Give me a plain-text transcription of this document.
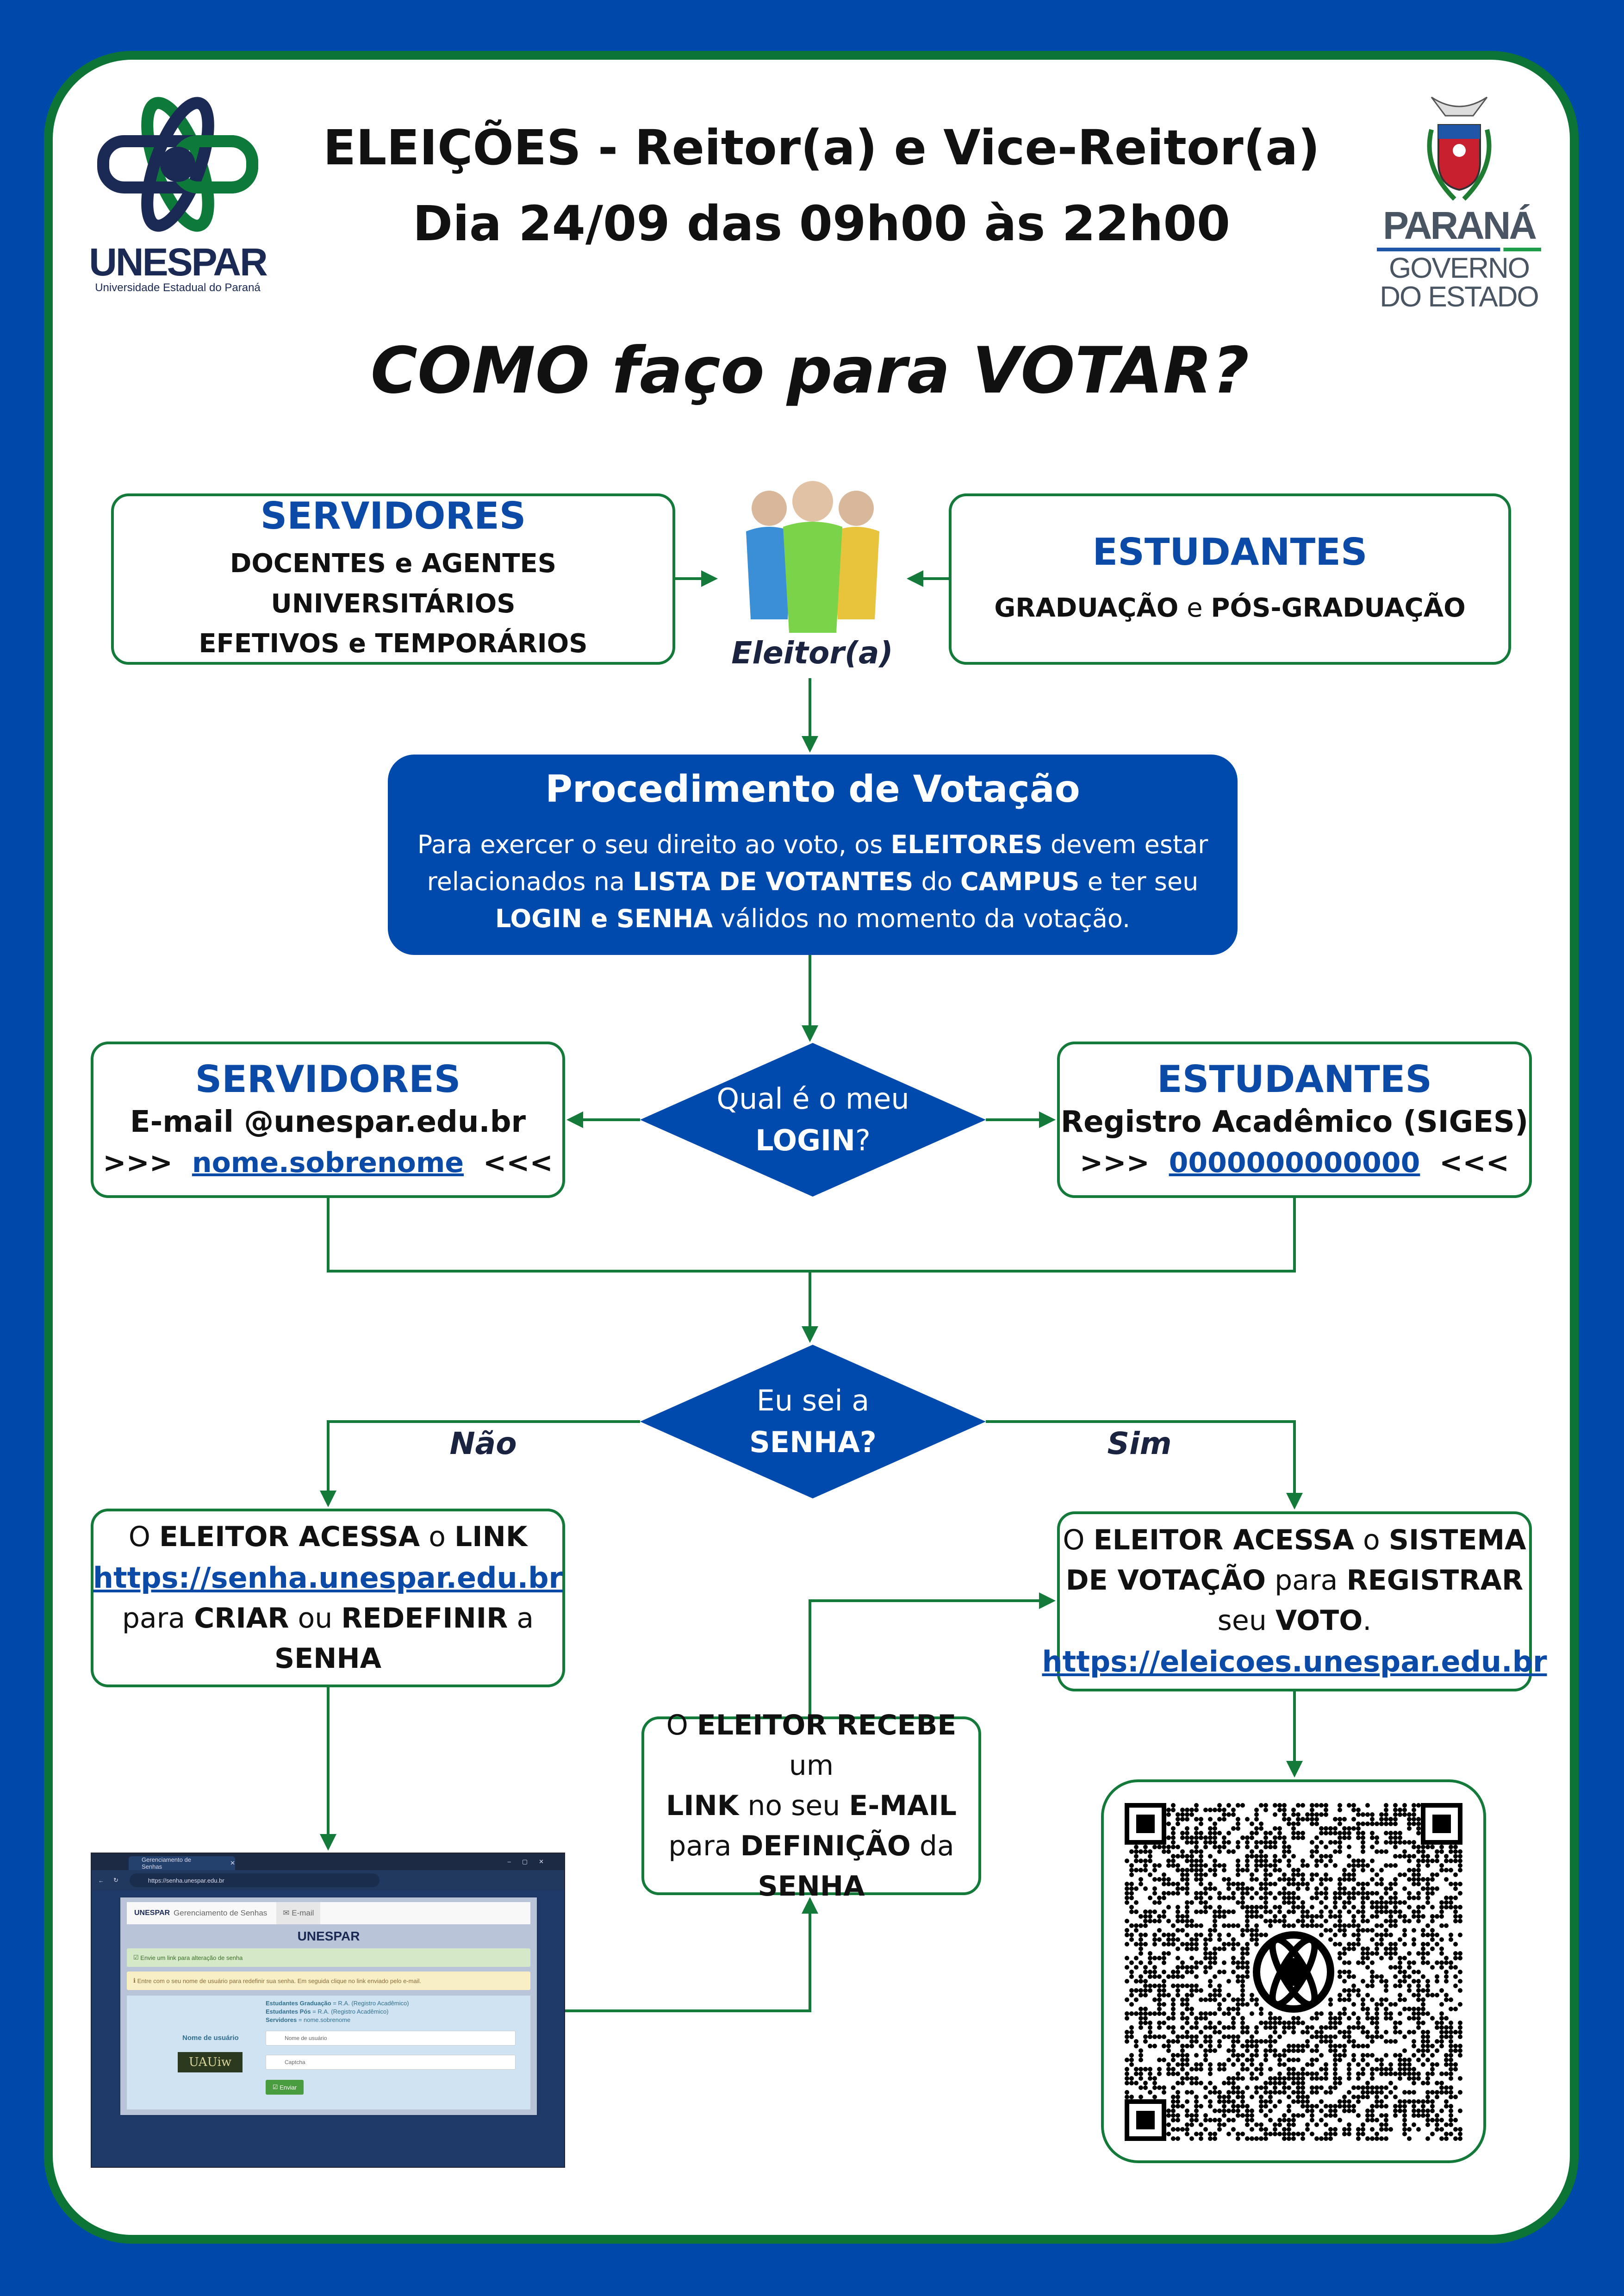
UNESPAR
Universidade Estadual do Paraná
ELEIÇÕES - Reitor(a) e Vice-Reitor(a)
Dia 24/09 das 09h00 às 22h00	PARANÁ
GOVERNO
DO ESTADO
COMO faço para VOTAR?
SERVIDORES
DOCENTES e AGENTES UNIVERSITÁRIOS
EFETIVOS e TEMPORÁRIOS
ESTUDANTES
GRADUAÇÃO e PÓS-GRADUAÇÃO
Eleitor(a)
Procedimento de Votação
Para exercer o seu direito ao voto, os ELEITORES devem estar
relacionados na LISTA DE VOTANTES do CAMPUS e ter seu
LOGIN e SENHA válidos no momento da votação.
Qual é o meu
LOGIN?
SERVIDORES
E-mail @unespar.edu.br
>>> nome.sobrenome <<<
ESTUDANTES
Registro Acadêmico (SIGES)
>>> 0000000000000 <<<
Eu sei a
SENHA?
Não	Sim
O ELEITOR ACESSA o LINK
https://senha.unespar.edu.br
para CRIAR ou REDEFINIR a
SENHA
O ELEITOR ACESSA o SISTEMA
DE VOTAÇÃO para REGISTRAR
seu VOTO.
https://eleicoes.unespar.edu.br
O ELEITOR RECEBE um
LINK no seu E-MAIL
para DEFINIÇÃO da
SENHA
Gerenciamento de Senhas
✕	–▢✕
← ↻	https://senha.unespar.edu.br
UNESPAR Gerenciamento de Senhas	✉ E-mail
UNESPAR
☑ Envie um link para alteração de senha
ℹ Entre com o seu nome de usuário para redefinir sua senha. Em seguida clique no link enviado pelo e-mail.
Estudantes Graduação = R.A. (Registro Acadêmico)
Estudantes Pós = R.A. (Registro Acadêmico)
Servidores = nome.sobrenome
Nome de usuário	Nome de usuário
UAUiw	Captcha
☑ Enviar
